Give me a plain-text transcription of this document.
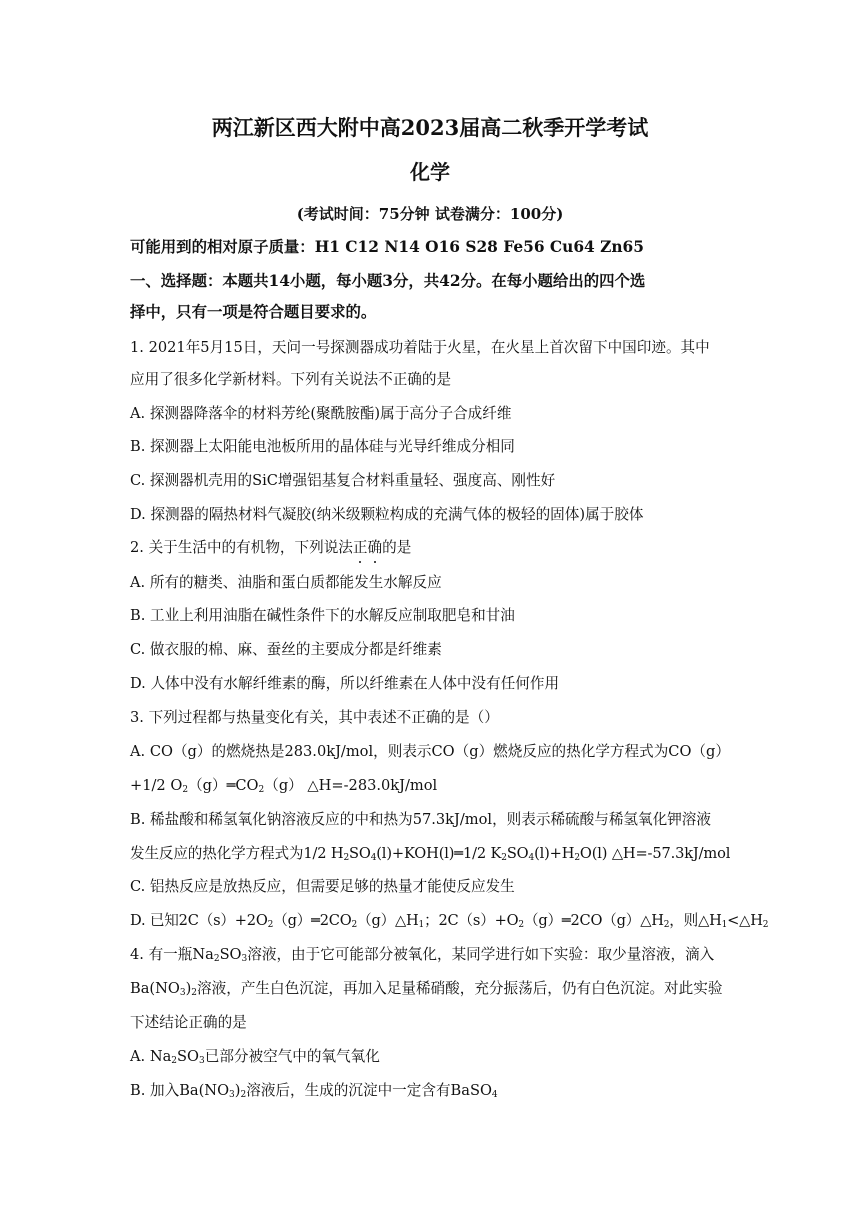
两江新区西大附中高2023届高二秋季开学考试
化学
(考试时间：75分钟 试卷满分：100分)
可能用到的相对原子质量：H1 C12 N14 O16 S28 Fe56 Cu64 Zn65
一、选择题：本题共14小题，每小题3分，共42分。在每小题给出的四个选
择中，只有一项是符合题目要求的。
1. 2021年5月15日，天问一号探测器成功着陆于火星，在火星上首次留下中国印迹。其中
应用了很多化学新材料。下列有关说法不正确的是
A. 探测器降落伞的材料芳纶(聚酰胺酯)属于高分子合成纤维
B. 探测器上太阳能电池板所用的晶体硅与光导纤维成分相同
C. 探测器机壳用的SiC增强铝基复合材料重量轻、强度高、刚性好
D. 探测器的隔热材料气凝胶(纳米级颗粒构成的充满气体的极轻的固体)属于胶体
2. 关于生活中的有机物，下列说法正确的是
A. 所有的糖类、油脂和蛋白质都能发生水解反应
B. 工业上利用油脂在碱性条件下的水解反应制取肥皂和甘油
C. 做衣服的棉、麻、蚕丝的主要成分都是纤维素
D. 人体中没有水解纤维素的酶，所以纤维素在人体中没有任何作用
3. 下列过程都与热量变化有关，其中表述不正确的是（）
A. CO（g）的燃烧热是283.0kJ/mol，则表示CO（g）燃烧反应的热化学方程式为CO（g）
+1/2 $O_2(g)═CO_2(g)$ △H=-283.0kJ/mol
B. 稀盐酸和稀氢氧化钠溶液反应的中和热为57.3kJ/mol，则表示稀硫酸与稀氢氧化钾溶液
发生反应的热化学方程式为1/2 $H_2SO_4(l)+KOH(l)═1/2$ $K_2SO_4(l)+H_2O(l)$ △H=-57.3kJ/mol
C. 铝热反应是放热反应，但需要足够的热量才能使反应发生
D. 已知$2C(s)+2O_2(g)═2CO_2(g)\triangle H_1$；$2C(s)+O_2(g)═2CO(g)\triangle H_2$，则$\triangle H_1<\triangle H_2$
4. 有一瓶$Na_2SO_3$溶液，由于它可能部分被氧化，某同学进行如下实验：取少量溶液，滴入
$Ba(NO_3)_2$溶液，产生白色沉淀，再加入足量稀硝酸，充分振荡后，仍有白色沉淀。对此实验
下述结论正确的是
A. $Na_2SO_3$已部分被空气中的氧气氧化
B. 加入$Ba(NO_3)_2$溶液后，生成的沉淀中一定含有BaSO$_4$
